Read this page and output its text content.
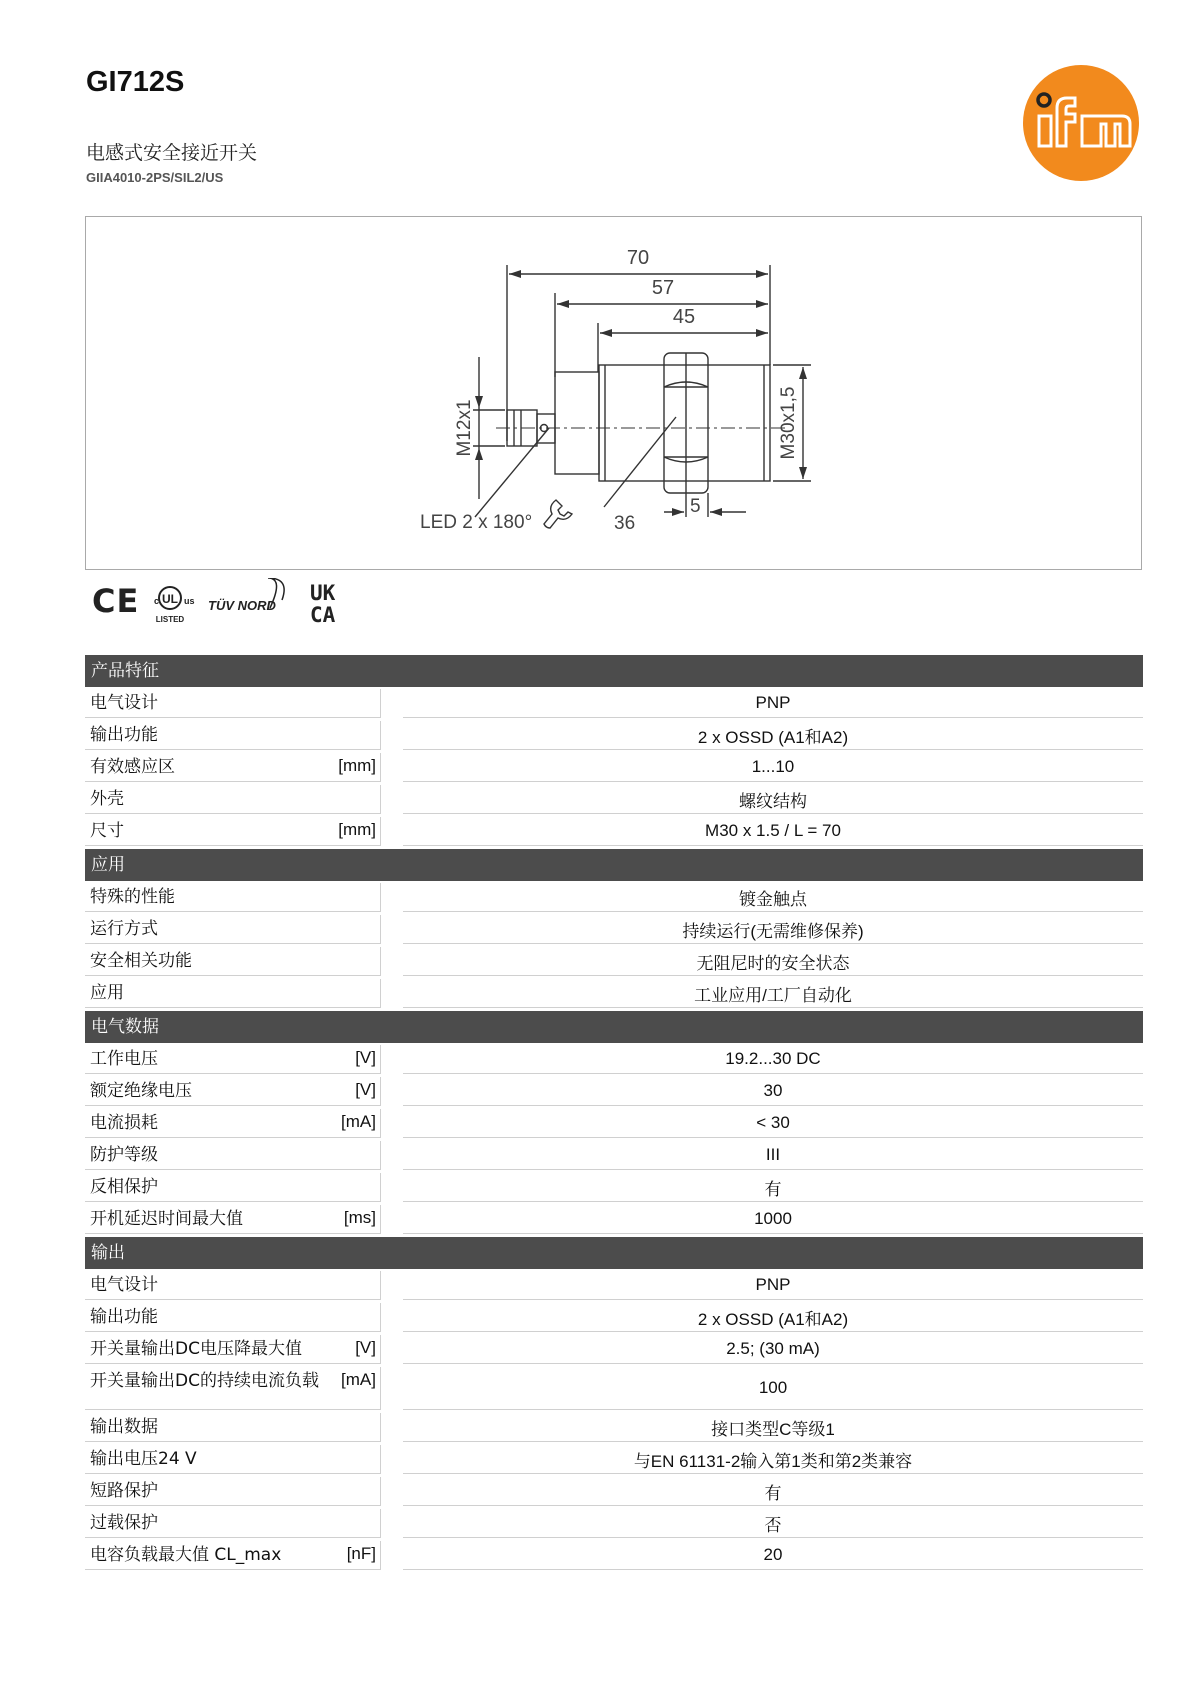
GI712S
电感式安全接近开关
GIIA4010-2PS/SIL2/US	ifm
70
57
45
M12x1	M30x1,5
LED 2 x 180°	36
5
CE c UL us
LISTED
TÜV NORD
UK
CA
产品特征
电气设计	PNP
输出功能	2 x OSSD (A1和A2)
有效感应区	[mm]	1...10
外壳	螺纹结构
尺寸	[mm]	M30 x 1.5 / L = 70
应用
特殊的性能	镀金触点
运行方式	持续运行(无需维修保养)
安全相关功能	无阻尼时的安全状态
应用	工业应用/工厂自动化
电气数据
工作电压	[V]	19.2...30 DC
额定绝缘电压	[V]	30
电流损耗	[mA]	< 30
防护等级	III
反相保护	有
开机延迟时间最大值	[ms]	1000
输出
电气设计	PNP
输出功能	2 x OSSD (A1和A2)
开关量输出DC电压降最大值	[V]	2.5; (30 mA)
开关量输出DC的持续电流负载 [mA]	100
输出数据	接口类型C等级1
输出电压24 V	与EN 61131-2输入第1类和第2类兼容
短路保护	有
过载保护	否
电容负载最大值 CL_max	[nF]	20
